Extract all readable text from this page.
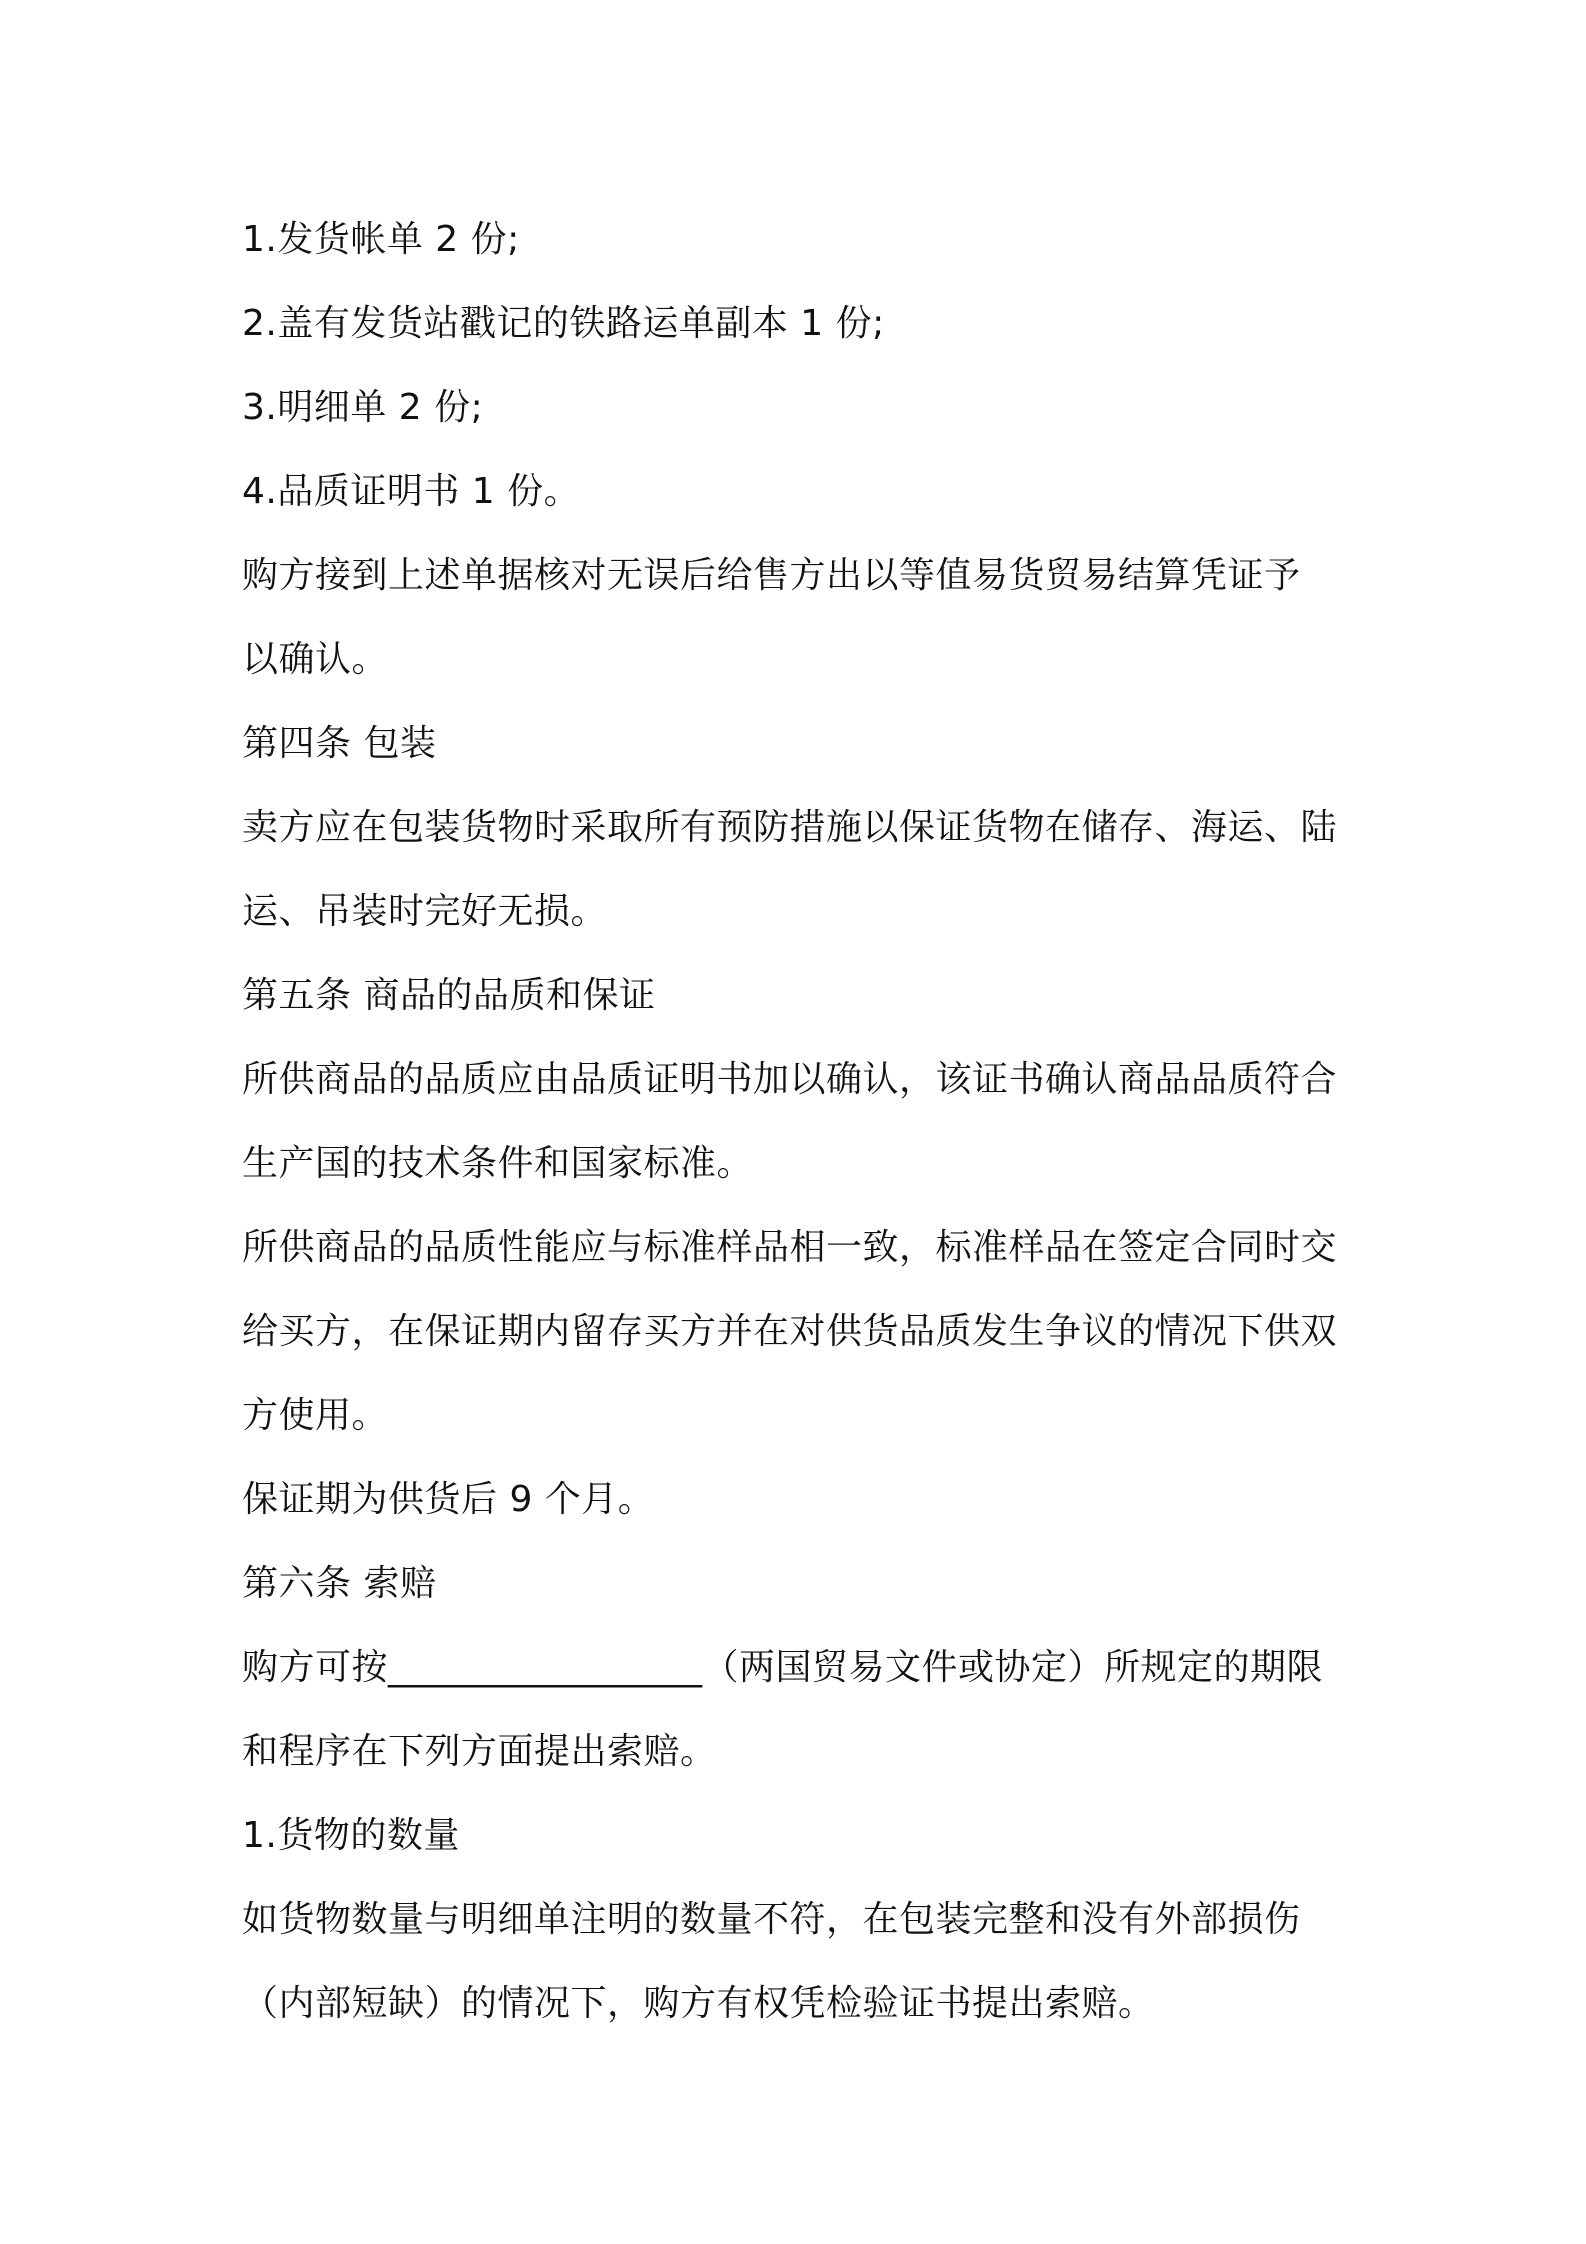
1.发货帐单 2 份;
2.盖有发货站戳记的铁路运单副本 1 份;
3.明细单 2 份;
4.品质证明书 1 份。
购方接到上述单据核对无误后给售方出以等值易货贸易结算凭证予
以确认。
第四条 包装
卖方应在包装货物时采取所有预防措施以保证货物在储存、海运、陆
运、吊装时完好无损。
第五条 商品的品质和保证
所供商品的品质应由品质证明书加以确认，该证书确认商品品质符合
生产国的技术条件和国家标准。
所供商品的品质性能应与标准样品相一致，标准样品在签定合同时交
给买方，在保证期内留存买方并在对供货品质发生争议的情况下供双
方使用。
保证期为供货后 9 个月。
第六条 索赔
购方可按_________________（两国贸易文件或协定）所规定的期限
和程序在下列方面提出索赔。
1.货物的数量
如货物数量与明细单注明的数量不符，在包装完整和没有外部损伤
（内部短缺）的情况下，购方有权凭检验证书提出索赔。
